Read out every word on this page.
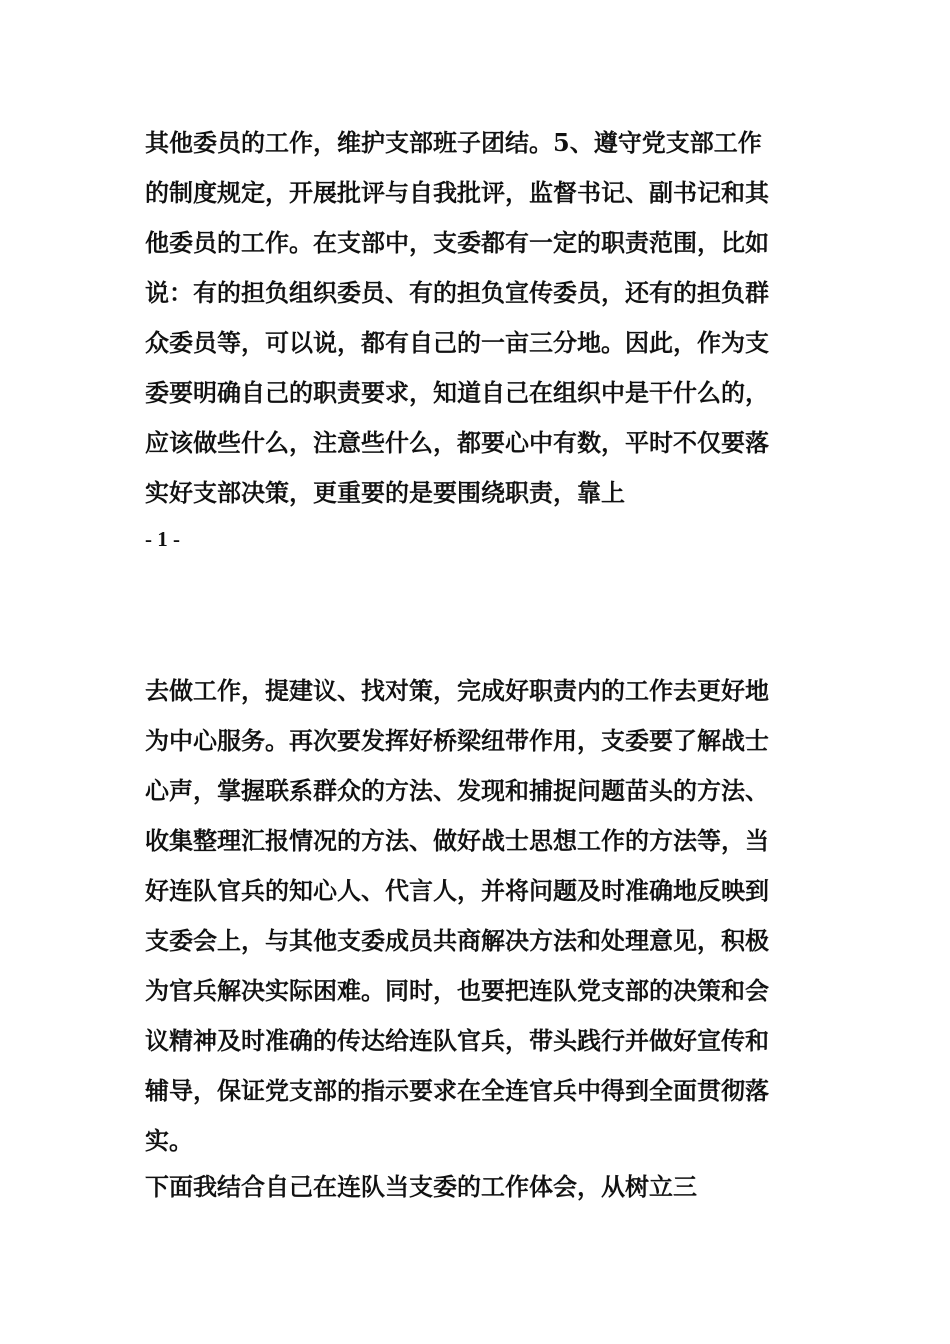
其他委员的工作，维护支部班子团结。5、遵守党支部工作
的制度规定，开展批评与自我批评，监督书记、副书记和其
他委员的工作。在支部中，支委都有一定的职责范围，比如
说：有的担负组织委员、有的担负宣传委员，还有的担负群
众委员等，可以说，都有自己的一亩三分地。因此，作为支
委要明确自己的职责要求，知道自己在组织中是干什么的，
应该做些什么，注意些什么，都要心中有数，平时不仅要落
实好支部决策，更重要的是要围绕职责，靠上
- 1 -
去做工作，提建议、找对策，完成好职责内的工作去更好地
为中心服务。再次要发挥好桥梁纽带作用，支委要了解战士
心声，掌握联系群众的方法、发现和捕捉问题苗头的方法、
收集整理汇报情况的方法、做好战士思想工作的方法等，当
好连队官兵的知心人、代言人，并将问题及时准确地反映到
支委会上，与其他支委成员共商解决方法和处理意见，积极
为官兵解决实际困难。同时，也要把连队党支部的决策和会
议精神及时准确的传达给连队官兵，带头践行并做好宣传和
辅导，保证党支部的指示要求在全连官兵中得到全面贯彻落
实。
下面我结合自己在连队当支委的工作体会，从树立三
